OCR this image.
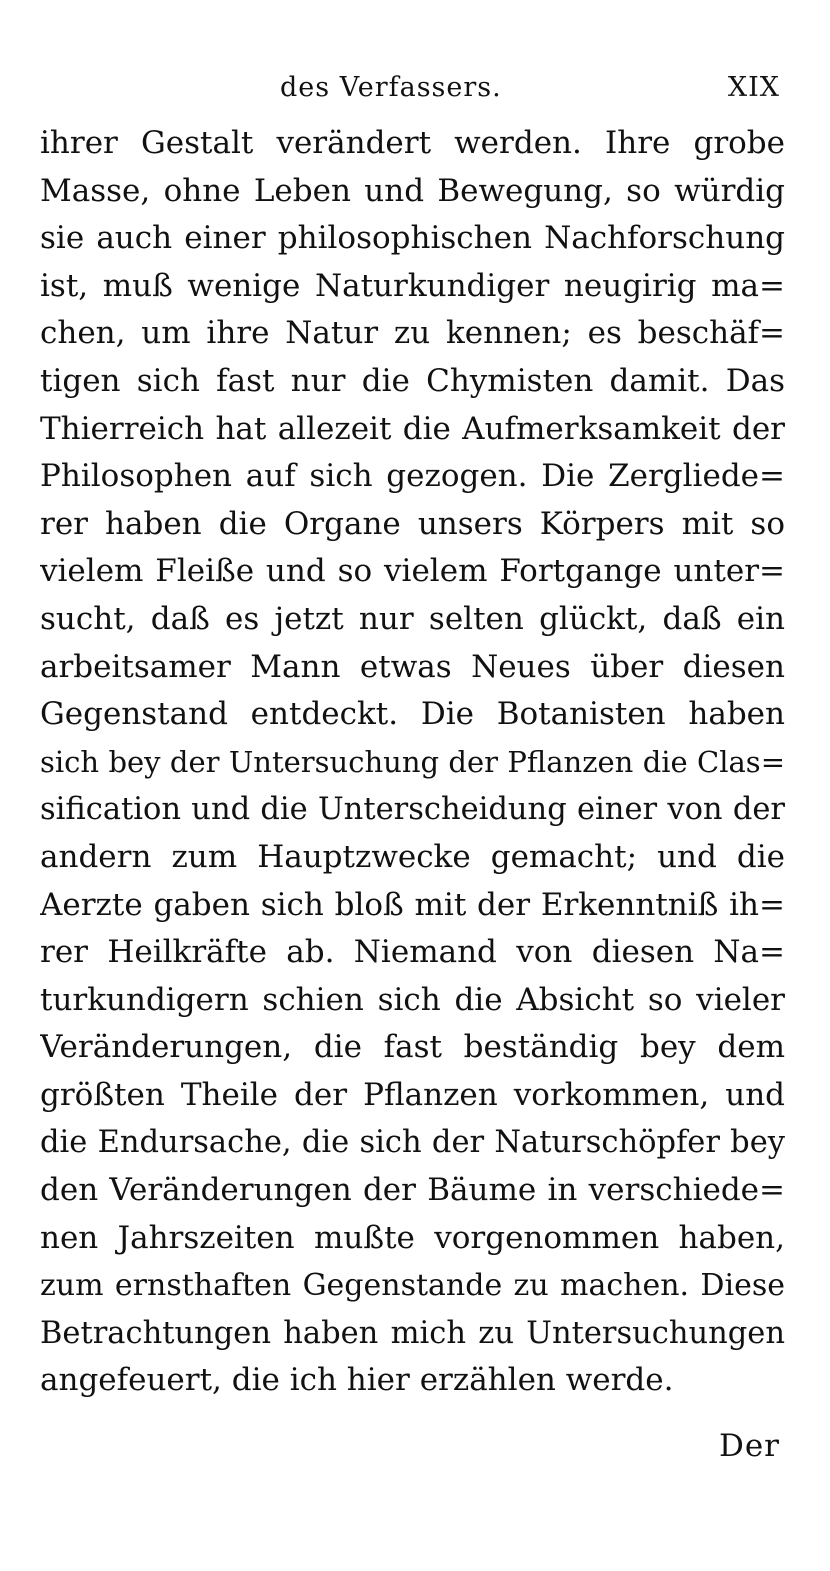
des Verfassers.	XIX
ihrer Gestalt verändert werden. Ihre grobe
Masse, ohne Leben und Bewegung, so würdig
sie auch einer philosophischen Nachforschung
ist, muß wenige Naturkundiger neugirig ma=
chen, um ihre Natur zu kennen; es beschäf=
tigen sich fast nur die Chymisten damit. Das
Thierreich hat allezeit die Aufmerksamkeit der
Philosophen auf sich gezogen. Die Zergliede=
rer haben die Organe unsers Körpers mit so
vielem Fleiße und so vielem Fortgange unter=
sucht, daß es jetzt nur selten glückt, daß ein
arbeitsamer Mann etwas Neues über diesen
Gegenstand entdeckt. Die Botanisten haben
sich bey der Untersuchung der Pflanzen die Clas=
sification und die Unterscheidung einer von der
andern zum Hauptzwecke gemacht; und die
Aerzte gaben sich bloß mit der Erkenntniß ih=
rer Heilkräfte ab. Niemand von diesen Na=
turkundigern schien sich die Absicht so vieler
Veränderungen, die fast beständig bey dem
größten Theile der Pflanzen vorkommen, und
die Endursache, die sich der Naturschöpfer bey
den Veränderungen der Bäume in verschiede=
nen Jahrszeiten mußte vorgenommen haben,
zum ernsthaften Gegenstande zu machen. Diese
Betrachtungen haben mich zu Untersuchungen
angefeuert, die ich hier erzählen werde.
Der
